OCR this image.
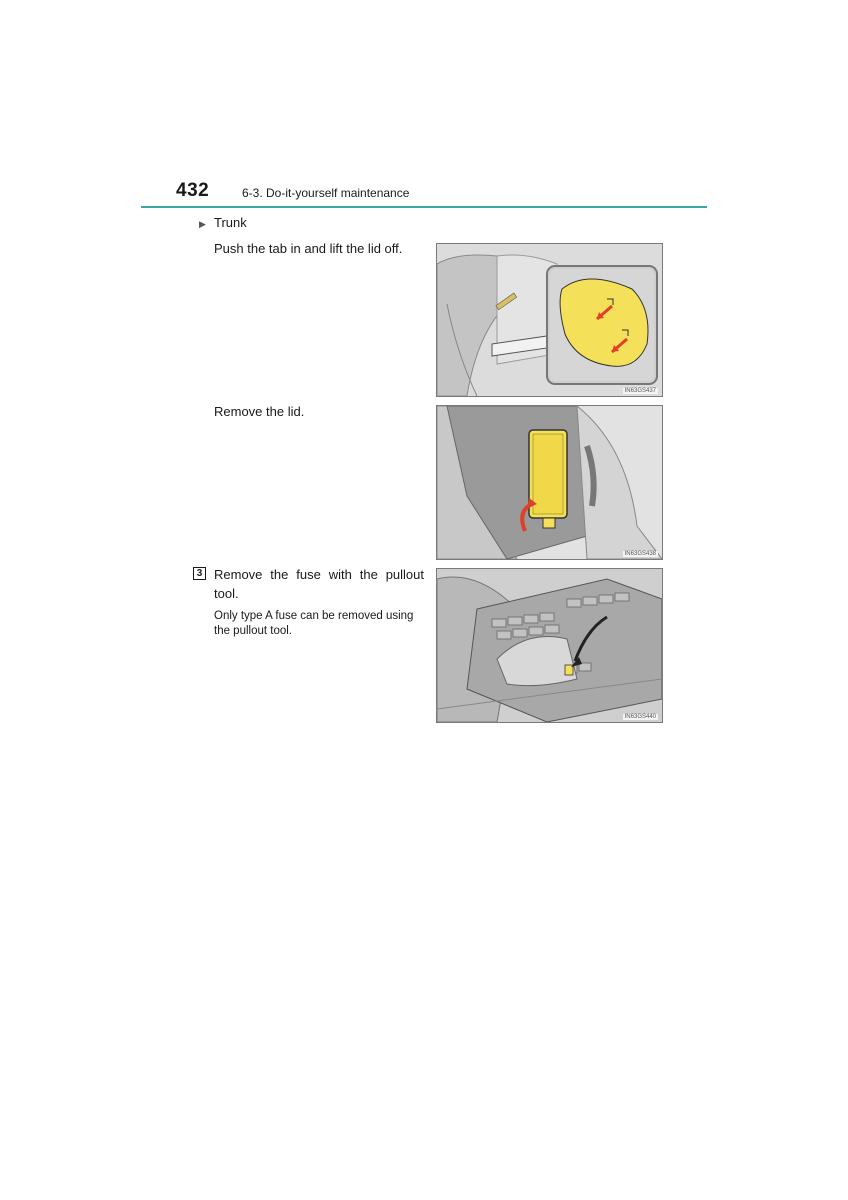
432	6-3. Do-it-yourself maintenance
▶ Trunk
Push the tab in and lift the lid off.
Remove the lid.
3 Remove the fuse with the pullout tool.
Only type A fuse can be removed using the pullout tool.
IN63GS437
IN63GS438
IN63GS440
